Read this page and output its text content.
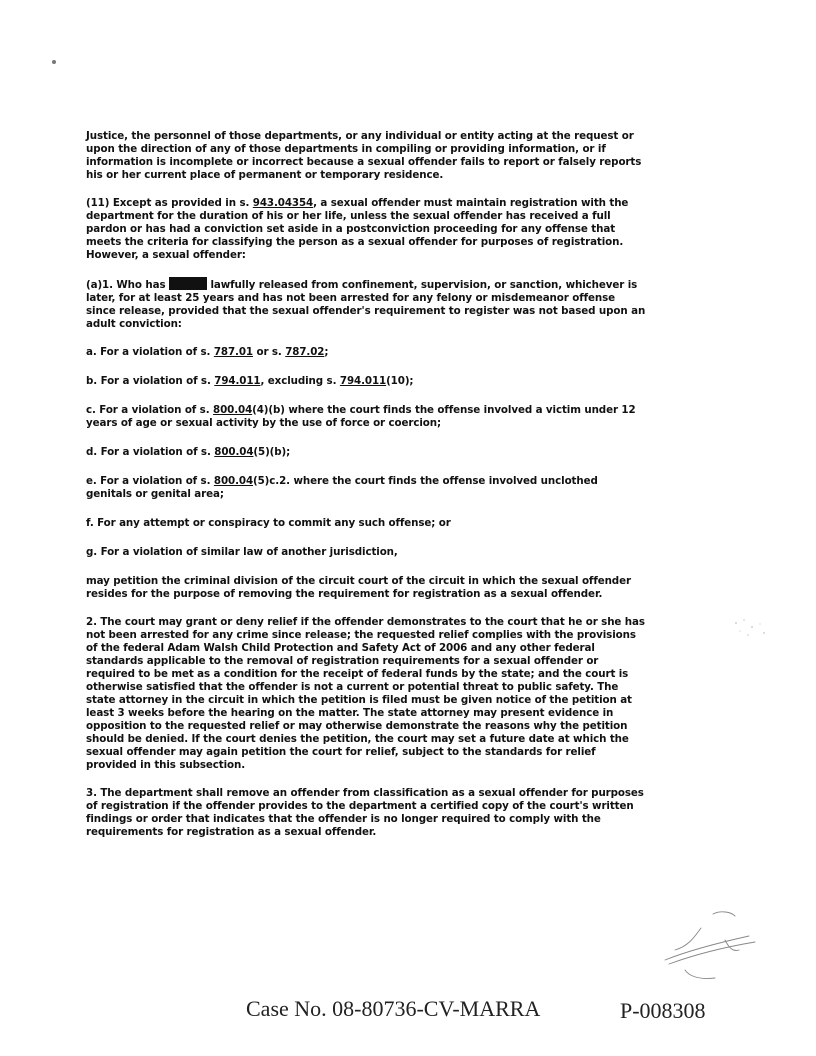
Justice, the personnel of those departments, or any individual or entity acting at the request or upon the direction of any of those departments in compiling or providing information, or if information is incomplete or incorrect because a sexual offender fails to report or falsely reports his or her current place of permanent or temporary residence.

(11) Except as provided in s. 943.04354, a sexual offender must maintain registration with the department for the duration of his or her life, unless the sexual offender has received a full pardon or has had a conviction set aside in a postconviction proceeding for any offense that meets the criteria for classifying the person as a sexual offender for purposes of registration. However, a sexual offender:

(a)1. Who has	lawfully released from confinement, supervision, or sanction, whichever is later, for at least 25 years and has not been arrested for any felony or misdemeanor offense since release, provided that the sexual offender's requirement to register was not based upon an adult conviction:

a. For a violation of s. 787.01 or s. 787.02;

b. For a violation of s. 794.011, excluding s. 794.011(10);

c. For a violation of s. 800.04(4)(b) where the court finds the offense involved a victim under 12 years of age or sexual activity by the use of force or coercion;

d. For a violation of s. 800.04(5)(b);

e. For a violation of s. 800.04(5)c.2. where the court finds the offense involved unclothed genitals or genital area;

f. For any attempt or conspiracy to commit any such offense; or

g. For a violation of similar law of another jurisdiction,

may petition the criminal division of the circuit court of the circuit in which the sexual offender resides for the purpose of removing the requirement for registration as a sexual offender.

2. The court may grant or deny relief if the offender demonstrates to the court that he or she has not been arrested for any crime since release; the requested relief complies with the provisions of the federal Adam Walsh Child Protection and Safety Act of 2006 and any other federal standards applicable to the removal of registration requirements for a sexual offender or required to be met as a condition for the receipt of federal funds by the state; and the court is otherwise satisfied that the offender is not a current or potential threat to public safety. The state attorney in the circuit in which the petition is filed must be given notice of the petition at least 3 weeks before the hearing on the matter. The state attorney may present evidence in opposition to the requested relief or may otherwise demonstrate the reasons why the petition should be denied. If the court denies the petition, the court may set a future date at which the sexual offender may again petition the court for relief, subject to the standards for relief provided in this subsection.

3. The department shall remove an offender from classification as a sexual offender for purposes of registration if the offender provides to the department a certified copy of the court's written findings or order that indicates that the offender is no longer required to comply with the requirements for registration as a sexual offender.

Case No. 08-80736-CV-MARRA	P-008308
